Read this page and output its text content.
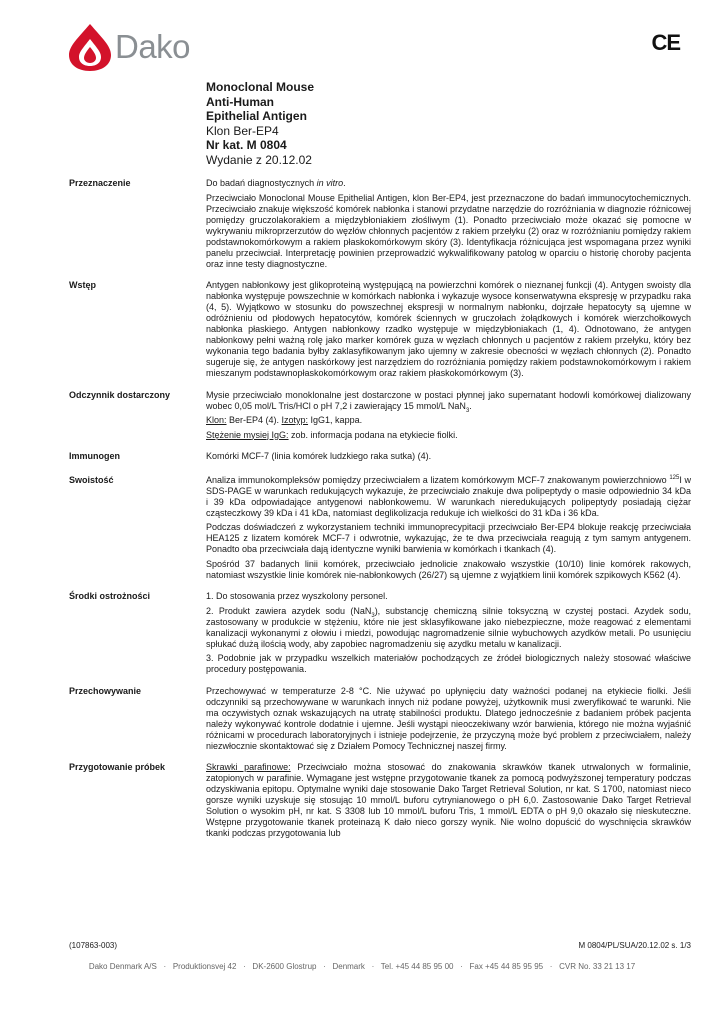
Dako	CE
Monoclonal Mouse
Anti-Human
Epithelial Antigen
Klon Ber-EP4
Nr kat. M 0804
Wydanie z 20.12.02
Przeznaczenie	Do badań diagnostycznych in vitro.

Przeciwciało Monoclonal Mouse Epithelial Antigen, klon Ber-EP4, jest przeznaczone do badań immunocytochemicznych. Przeciwciało znakuje większość komórek nabłonka i stanowi przydatne narzędzie do rozróżniania w diagnozie różnicowej pomiędzy gruczolakorakiem a międzybłoniakiem złośliwym (1). Ponadto przeciwciało może okazać się pomocne w wykrywaniu mikroprzerzutów do węzłów chłonnych pacjentów z rakiem przełyku (2) oraz w rozróżnianiu pomiędzy rakiem podstawnokomórkowym a rakiem płaskokomórkowym skóry (3). Identyfikacja różnicująca jest wspomagana przez wyniki panelu przeciwciał. Interpretację powinien przeprowadzić wykwalifikowany patolog w oparciu o historię choroby pacjenta oraz inne testy diagnostyczne.

Wstęp	Antygen nabłonkowy jest glikoproteiną występującą na powierzchni komórek o nieznanej funkcji (4). Antygen swoisty dla nabłonka występuje powszechnie w komórkach nabłonka i wykazuje wysoce konserwatywna ekspresję w przypadku raka (4, 5). Wyjątkowo w stosunku do powszechnej ekspresji w normalnym nabłonku, dojrzałe hepatocyty są ujemne w odróżnieniu od płodowych hepatocytów, komórek ściennych w gruczołach żołądkowych i komórek wierzchołkowych nabłonka płaskiego. Antygen nabłonkowy rzadko występuje w międzybłoniakach (1, 4). Odnotowano, że antygen nabłonkowy pełni ważną rolę jako marker komórek guza w węzłach chłonnych u pacjentów z rakiem przełyku, który bez wykonania tego badania byłby zaklasyfikowanym jako ujemny w zakresie obecności w węzłach chłonnych (2). Ponadto sugeruje się, że antygen naskórkowy jest narzędziem do rozróżniania pomiędzy rakiem podstawnokomórkowym i rakiem mieszanym podstawnopłaskokomórkowym oraz rakiem płaskokomórkowym (3).

Odczynnik dostarczony	Mysie przeciwciało monoklonalne jest dostarczone w postaci płynnej jako supernatant hodowli komórkowej dializowany wobec 0,05 mol/L Tris/HCl o pH 7,2 i zawierający 15 mmol/L NaN$_3$.

Klon: Ber-EP4 (4). Izotyp: IgG1, kappa.

Stężenie mysiej IgG: zob. informacja podana na etykiecie fiolki.

Immunogen	Komórki MCF-7 (linia komórek ludzkiego raka sutka) (4).

Swoistość	Analiza immunokompleksów pomiędzy przeciwciałem a lizatem komórkowym MCF-7 znakowanym powierzchniowo $^{125}$I w SDS-PAGE w warunkach redukujących wykazuje, że przeciwciało znakuje dwa polipeptydy o masie odpowiednio 34 kDa i 39 kDa odpowiadające antygenowi nabłonkowemu. W warunkach nieredukujących polipeptydy posiadają ciężar cząsteczkowy 39 kDa i 41 kDa, natomiast deglikolizacja redukuje ich wielkości do 31 kDa i 36 kDa.

Podczas doświadczeń z wykorzystaniem techniki immunoprecypitacji przeciwciało Ber-EP4 blokuje reakcję przeciwciała HEA125 z lizatem komórek MCF-7 i odwrotnie, wykazując, że te dwa przeciwciała reagują z tym samym antygenem. Ponadto oba przeciwciała dają identyczne wyniki barwienia w komórkach i tkankach (4).

Spośród 37 badanych linii komórek, przeciwciało jednolicie znakowało wszystkie (10/10) linie komórek rakowych, natomiast wszystkie linie komórek nie-nabłonkowych (26/27) są ujemne z wyjątkiem linii komórek szpikowych K562 (4).

Środki ostrożności	1. Do stosowania przez wyszkolony personel.

2. Produkt zawiera azydek sodu (NaN$_3$), substancję chemiczną silnie toksyczną w czystej postaci. Azydek sodu, zastosowany w produkcie w stężeniu, które nie jest sklasyfikowane jako niebezpieczne, może reagować z elementami kanalizacji wykonanymi z ołowiu i miedzi, powodując nagromadzenie silnie wybuchowych azydków metali. Po usunięciu spłukać dużą ilością wody, aby zapobiec nagromadzeniu się azydku metalu w kanalizacji.

3. Podobnie jak w przypadku wszelkich materiałów pochodzących ze źródeł biologicznych należy stosować właściwe procedury postępowania.

Przechowywanie	Przechowywać w temperaturze 2-8 °C. Nie używać po upłynięciu daty ważności podanej na etykiecie fiolki. Jeśli odczynniki są przechowywane w warunkach innych niż podane powyżej, użytkownik musi zweryfikować te warunki. Nie ma oczywistych oznak wskazujących na utratę stabilności produktu. Dlatego jednocześnie z badaniem próbek pacjenta należy wykonywać kontrole dodatnie i ujemne. Jeśli wystąpi nieoczekiwany wzór barwienia, którego nie można wyjaśnić różnicami w procedurach laboratoryjnych i istnieje podejrzenie, że przyczyną może być problem z przeciwciałem, należy niezwłocznie skontaktować się z Działem Pomocy Technicznej naszej firmy.

Przygotowanie próbek	Skrawki parafinowe: Przeciwciało można stosować do znakowania skrawków tkanek utrwalonych w formalinie, zatopionych w parafinie. Wymagane jest wstępne przygotowanie tkanek za pomocą podwyższonej temperatury podczas odzyskiwania epitopu. Optymalne wyniki daje stosowanie Dako Target Retrieval Solution, nr kat. S 1700, natomiast nieco gorsze wyniki uzyskuje się stosując 10 mmol/L buforu cytrynianowego o pH 6,0. Zastosowanie Dako Target Retrieval Solution o wysokim pH, nr kat. S 3308 lub 10 mmol/L buforu Tris, 1 mmol/L EDTA o pH 9,0 okazało się nieskuteczne. Wstępne przygotowanie tkanek proteinazą K dało nieco gorszy wynik. Nie wolno dopuścić do wyschnięcia skrawków tkanki podczas przygotowania lub

(107863-003)	M 0804/PL/SUA/20.12.02 s. 1/3
Dako Denmark A/S   ·   Produktionsvej 42   ·   DK-2600 Glostrup   ·   Denmark   ·   Tel. +45 44 85 95 00   ·   Fax +45 44 85 95 95   ·   CVR No. 33 21 13 17
